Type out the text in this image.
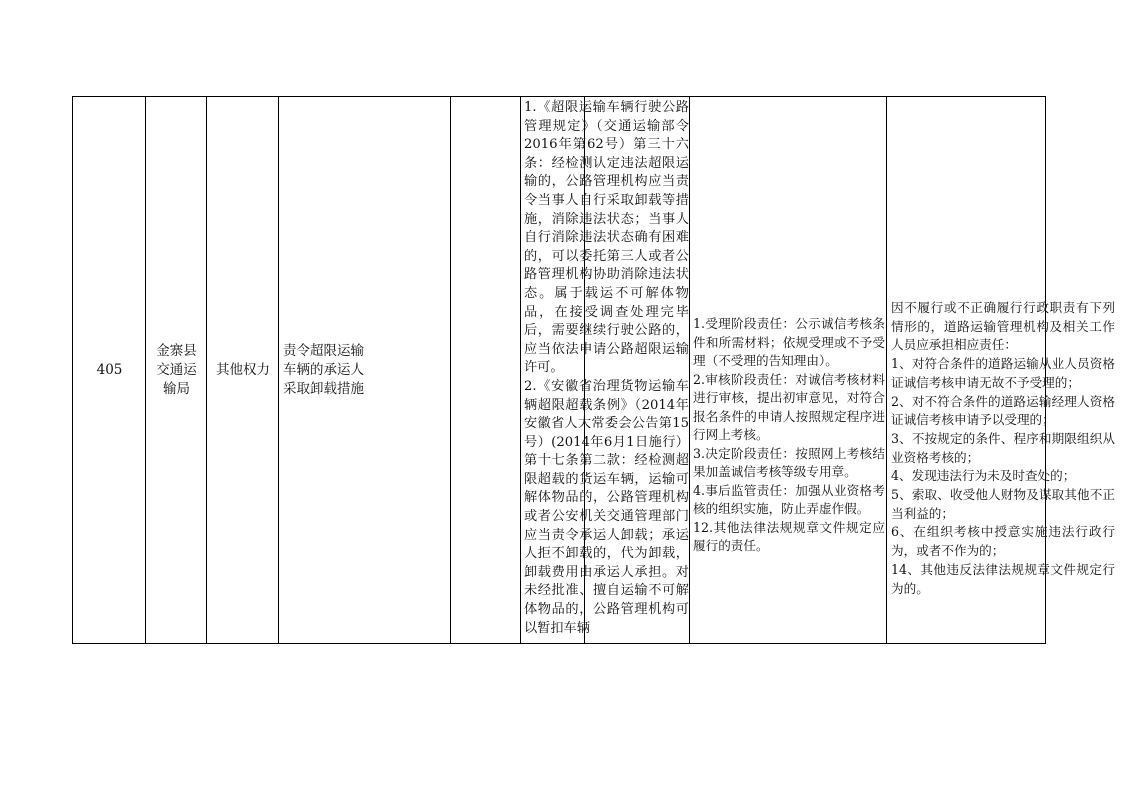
405
金寨县交通运输局
其他权力
责令超限运输车辆的承运人采取卸载措施
1.《超限运输车辆行驶公路管理规定》（交通运输部令2016年第62号）第三十六条：经检测认定违法超限运输的，公路管理机构应当责令当事人自行采取卸载等措施，消除违法状态；当事人自行消除违法状态确有困难的，可以委托第三人或者公路管理机构协助消除违法状态。属于载运不可解体物品，在接受调查处理完毕后，需要继续行驶公路的，应当依法申请公路超限运输许可。
2.《安徽省治理货物运输车辆超限超载条例》（2014年安徽省人大常委会公告第15号）(2014年6月1日施行）第十七条第二款：经检测超限超载的货运车辆，运输可解体物品的，公路管理机构或者公安机关交通管理部门应当责令承运人卸载；承运人拒不卸载的，代为卸载，卸载费用由承运人承担。对未经批准、擅自运输不可解体物品的，公路管理机构可以暂扣车辆
1.受理阶段责任：公示诚信考核条件和所需材料；依规受理或不予受理（不受理的告知理由）。
2.审核阶段责任：对诚信考核材料进行审核，提出初审意见，对符合报名条件的申请人按照规定程序进行网上考核。
3.决定阶段责任：按照网上考核结果加盖诚信考核等级专用章。
4.事后监管责任：加强从业资格考核的组织实施，防止弄虚作假。
12.其他法律法规规章文件规定应履行的责任。
因不履行或不正确履行行政职责有下列情形的，道路运输管理机构及相关工作人员应承担相应责任：
1、对符合条件的道路运输从业人员资格证诚信考核申请无故不予受理的；
2、对不符合条件的道路运输经理人资格证诚信考核申请予以受理的；
3、不按规定的条件、程序和期限组织从业资格考核的；
4、发现违法行为未及时查处的；
5、索取、收受他人财物及谋取其他不正当利益的；
6、在组织考核中授意实施违法行政行为，或者不作为的；
14、其他违反法律法规规章文件规定行为的。
